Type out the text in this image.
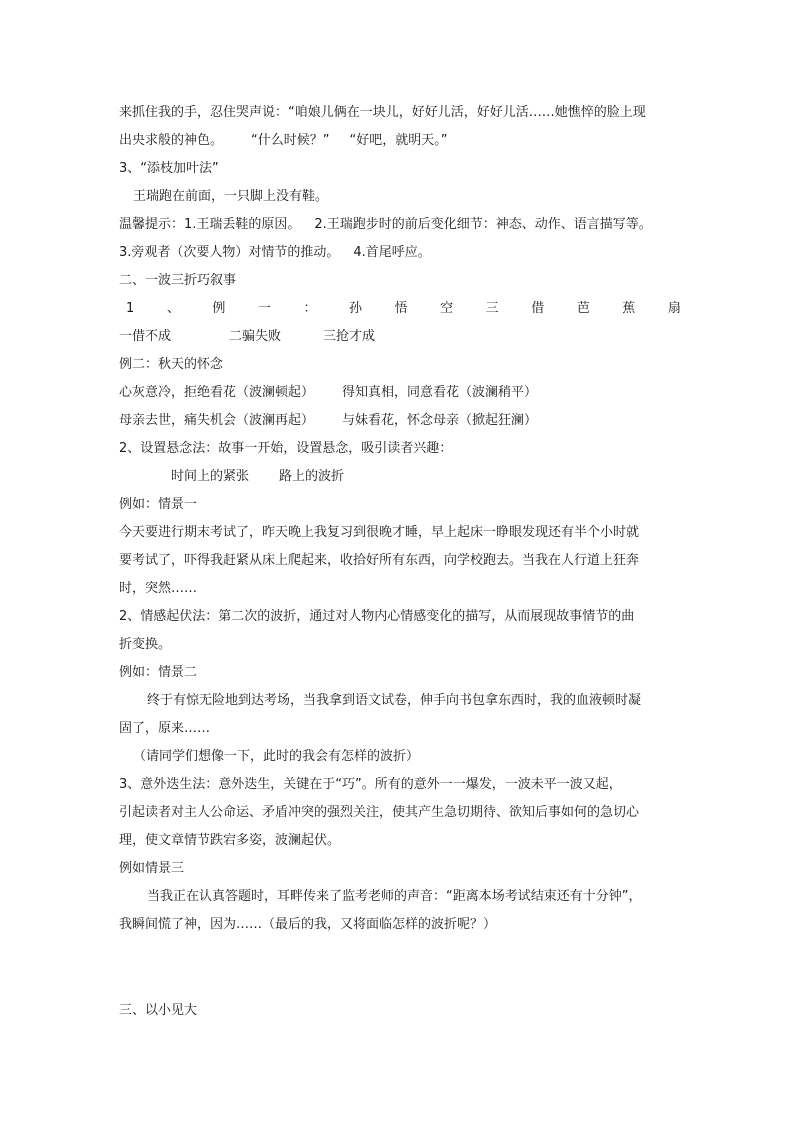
来抓住我的手，忍住哭声说：“咱娘儿俩在一块儿，好好儿活，好好儿活……她憔悴的脸上现
出央求般的神色。 “什么时候？” “好吧，就明天。”
3、“添枝加叶法”
王瑞跑在前面，一只脚上没有鞋。
温馨提示：1.王瑞丢鞋的原因。 2.王瑞跑步时的前后变化细节：神态、动作、语言描写等。
3.旁观者（次要人物）对情节的推动。 4.首尾呼应。
二、一波三折巧叙事
1	、	例	一	：	孙	悟	空	三	借	芭	蕉	扇
一借不成	二骗失败	三抢才成
例二：秋天的怀念
心灰意冷，拒绝看花（波澜顿起） 得知真相，同意看花（波澜稍平）
母亲去世，痛失机会（波澜再起） 与妹看花，怀念母亲（掀起狂澜）
2、设置悬念法：故事一开始，设置悬念，吸引读者兴趣：
时间上的紧张 路上的波折
例如：情景一
今天要进行期末考试了，昨天晚上我复习到很晚才睡，早上起床一睁眼发现还有半个小时就
要考试了，吓得我赶紧从床上爬起来，收拾好所有东西，向学校跑去。当我在人行道上狂奔
时，突然……
2、情感起伏法：第二次的波折，通过对人物内心情感变化的描写，从而展现故事情节的曲
折变换。
例如：情景二
终于有惊无险地到达考场，当我拿到语文试卷，伸手向书包拿东西时，我的血液顿时凝
固了，原来……
（请同学们想像一下，此时的我会有怎样的波折）
3、意外迭生法：意外迭生，关键在于“巧”。所有的意外一一爆发，一波未平一波又起，
引起读者对主人公命运、矛盾冲突的强烈关注，使其产生急切期待、欲知后事如何的急切心
理，使文章情节跌宕多姿，波澜起伏。
例如情景三
当我正在认真答题时，耳畔传来了监考老师的声音：“距离本场考试结束还有十分钟”，
我瞬间慌了神，因为……（最后的我，又将面临怎样的波折呢？）
三、以小见大
